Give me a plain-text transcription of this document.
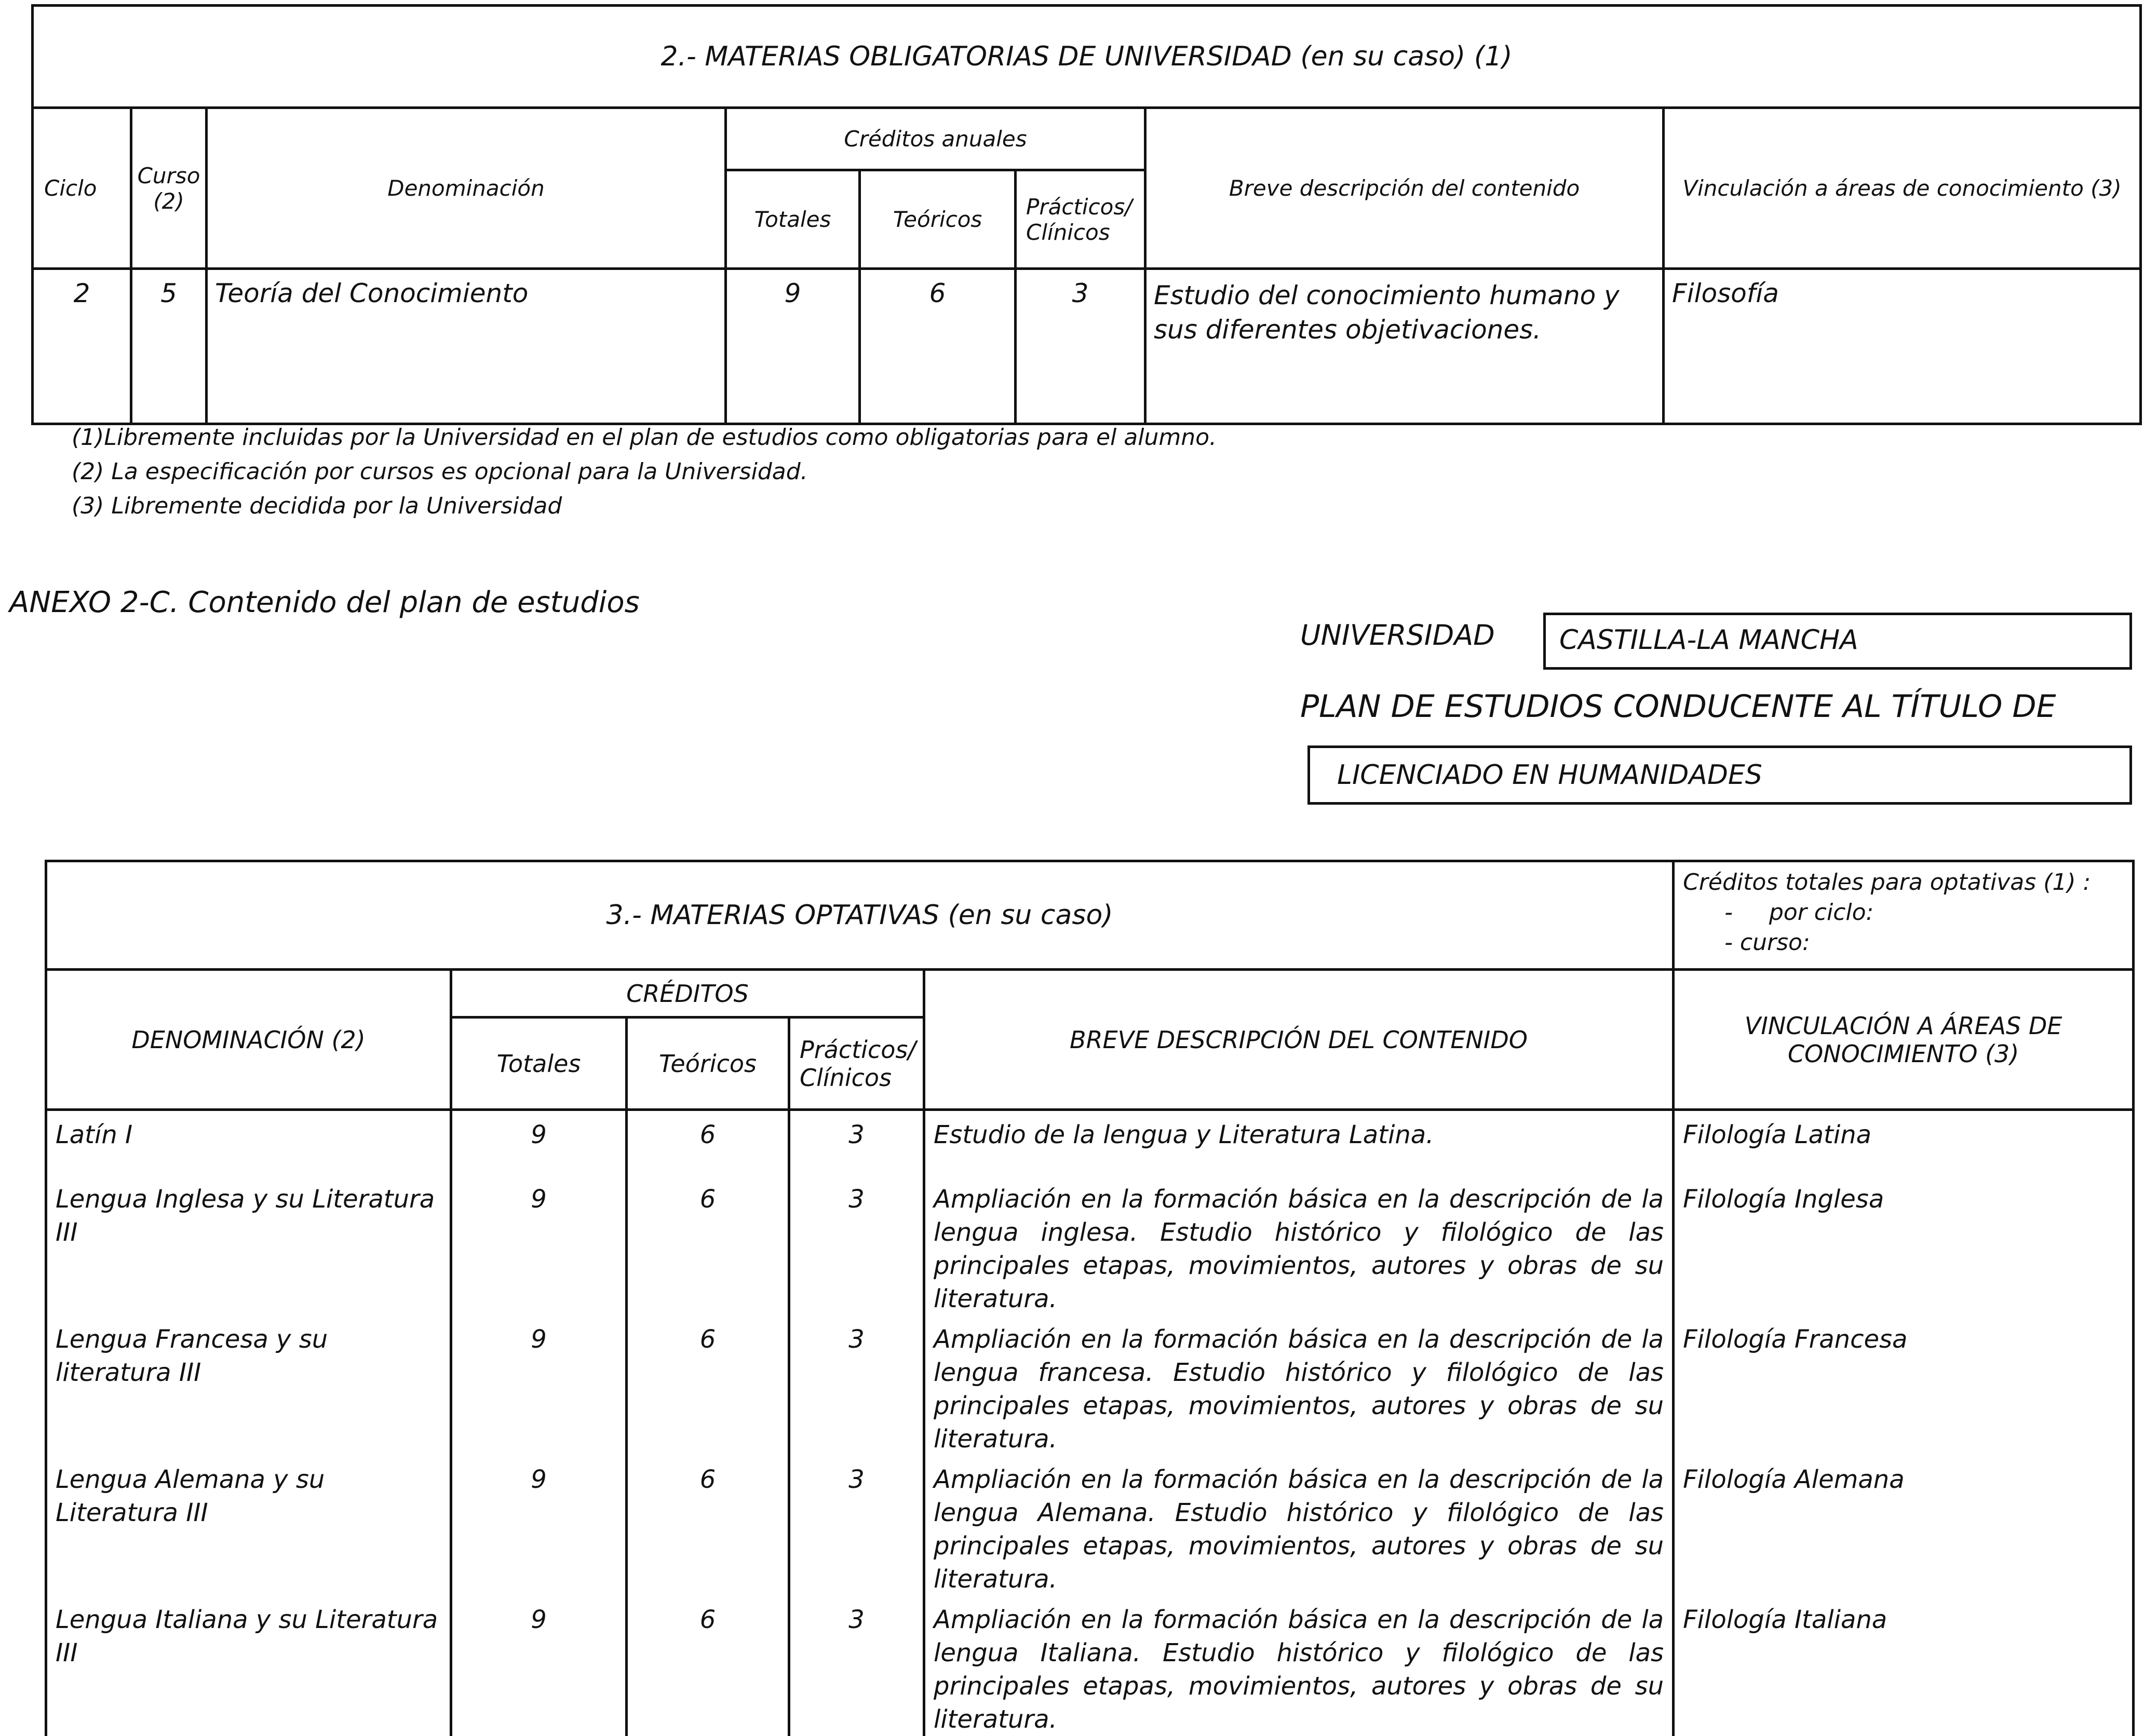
2.- MATERIAS OBLIGATORIAS DE UNIVERSIDAD (en su caso) (1)							
Ciclo	Curso
(2)	Denominación	Créditos anuales			Breve descripción del contenido	Vinculación a áreas de conocimiento (3)
			Totales	Teóricos	Prácticos/
Clínicos		

2	5	Teoría del Conocimiento	9	6	3	Estudio del conocimiento humano y sus diferentes objetivaciones.	Filosofía
(1)Libremente incluidas por la Universidad en el plan de estudios como obligatorias para el alumno.
(2) La especificación por cursos es opcional para la Universidad.
(3) Libremente decidida por la Universidad
ANEXO 2-C. Contenido del plan de estudios
UNIVERSIDAD	CASTILLA-LA MANCHA
PLAN DE ESTUDIOS CONDUCENTE AL TÍTULO DE
LICENCIADO EN HUMANIDADES
3.- MATERIAS OPTATIVAS (en su caso)					Créditos totales para optativas (1) :
-     por ciclo:
- curso:

DENOMINACIÓN (2)	CRÉDITOS			BREVE DESCRIPCIÓN DEL CONTENIDO	VINCULACIÓN A ÁREAS DE
CONOCIMIENTO (3)

	Totales	Teóricos	Prácticos/
Clínicos		

Latín I	9	6	3	Estudio de la lengua y Literatura Latina.	Filología Latina
Lengua Inglesa y su Literatura III	9	6	3	Ampliación en la formación básica en la descripción de la lengua inglesa. Estudio histórico y filológico de las principales etapas, movimientos, autores y obras de su literatura.	Filología Inglesa
Lengua Francesa y su literatura III	9	6	3	Ampliación en la formación básica en la descripción de la lengua francesa. Estudio histórico y filológico de las principales etapas, movimientos, autores y obras de su literatura.	Filología Francesa
Lengua Alemana y su Literatura III	9	6	3	Ampliación en la formación básica en la descripción de la lengua Alemana. Estudio histórico y filológico de las principales etapas, movimientos, autores y obras de su literatura.	Filología Alemana
Lengua Italiana y su Literatura III	9	6	3	Ampliación en la formación básica en la descripción de la lengua Italiana. Estudio histórico y filológico de las principales etapas, movimientos, autores y obras de su literatura.	Filología Italiana
